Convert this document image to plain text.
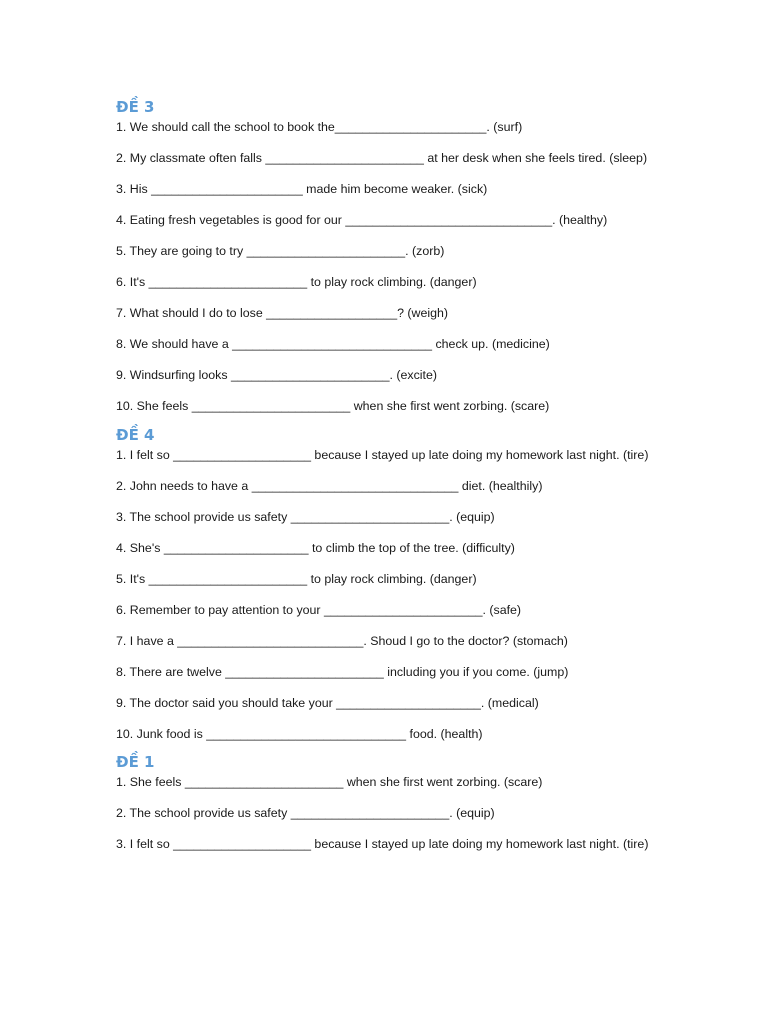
ĐỀ 3
1. We should call the school to book the______________________. (surf)
2. My classmate often falls _______________________ at her desk when she feels tired. (sleep)
3. His ______________________ made him become weaker. (sick)
4. Eating fresh vegetables is good for our ______________________________. (healthy)
5. They are going to try _______________________. (zorb)
6. It's _______________________ to play rock climbing. (danger)
7. What should I do to lose ___________________? (weigh)
8. We should have a _____________________________ check up. (medicine)
9. Windsurfing looks _______________________. (excite)
10. She feels _______________________ when she first went zorbing. (scare)
ĐỀ 4
1. I felt so ____________________ because I stayed up late doing my homework last night. (tire)
2. John needs to have a ______________________________ diet. (healthily)
3. The school provide us safety _______________________. (equip)
4. She's _____________________ to climb the top of the tree. (difficulty)
5. It's _______________________ to play rock climbing. (danger)
6. Remember to pay attention to your _______________________. (safe)
7. I have a ___________________________. Shoud I go to the doctor? (stomach)
8. There are twelve _______________________ including you if you come. (jump)
9. The doctor said you should take your _____________________. (medical)
10. Junk food is _____________________________ food. (health)
ĐỀ 1
1. She feels _______________________ when she first went zorbing. (scare)
2. The school provide us safety _______________________. (equip)
3. I felt so ____________________ because I stayed up late doing my homework last night. (tire)
